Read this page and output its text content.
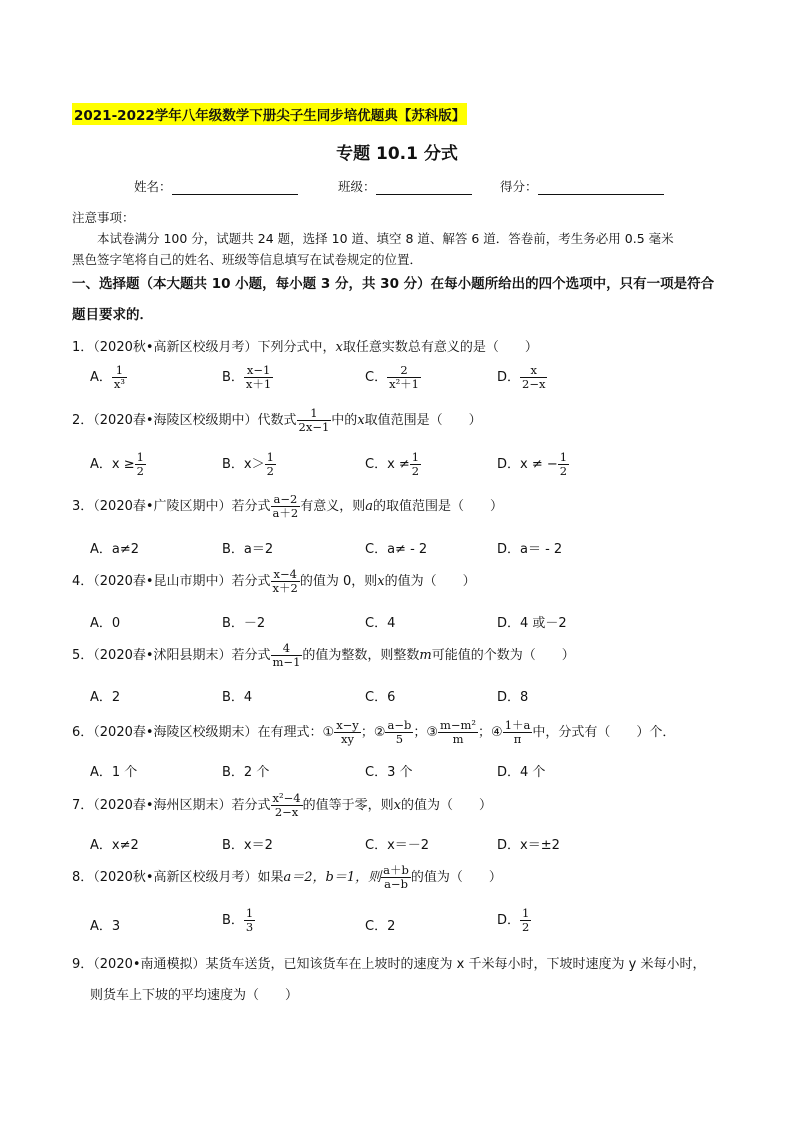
2021-2022学年八年级数学下册尖子生同步培优题典【苏科版】
专题 10.1 分式
姓名：	班级：	得分：
注意事项：
本试卷满分 100 分，试题共 24 题，选择 10 道、填空 8 道、解答 6 道．答卷前，考生务必用 0.5 毫米
黑色签字笔将自己的姓名、班级等信息填写在试卷规定的位置．
一、选择题（本大题共 10 小题，每小题 3 分，共 30 分）在每小题所给出的四个选项中，只有一项是符合
题目要求的．
1．（2020秋•高新区校级月考）下列分式中，x取任意实数总有意义的是（　　）
A． $\frac{1}{\text{x³}}$	B． $\frac{x-1}{x+1}$	C． $\frac{2}{\text{x²＋1}}$	D． $\frac{x}{2-x}$
2．（2020春•海陵区校级期中）代数式 $\frac{1}{2x-1}$ 中的x取值范围是（　　）
A．$x \ge \frac{1}{2}$	B．$x> \frac{1}{2}$	C．$x \ne \frac{1}{2}$	D．x ≠ − $\frac{1}{2}$
3．（2020春•广陵区期中）若分式 $\frac{a-2}{a+2}$ 有意义，则a的取值范围是（　　）
A．a≠2	B．a＝2	C．a≠ - 2	D．a＝ - 2
4．（2020春•昆山市期中）若分式 $\frac{x-4}{x+2}$ 的值为 0，则x的值为（　　）
A．0	B．－2	C．4	D．4 或－2
5．（2020春•沭阳县期末）若分式 $\frac{4}{m-1}$ 的值为整数，则整数m可能值的个数为（　　）
A．2	B．4	C．6	D．8
6．（2020春•海陵区校级期末）在有理式：① $\frac{x-y}{xy}$ ；② $\frac{a-b}{5}$ ；③ $\frac{\text{m−m²}}{m}$ ；④ $\frac{1+a}{\pi}$ 中，分式有（　　）个．
A．1 个	B．2 个	C．3 个	D．4 个
7．（2020春•海州区期末）若分式 $\frac{\text{x²−4}}{2-x}$ 的值等于零，则x的值为（　　）
A．x≠2	B．x＝2	C．x＝－2	D．x＝±2
8．（2020秋•高新区校级月考）如果a＝2，b＝1，则 $\frac{a+b}{a-b}$ 的值为（　　）
A．3	B． $\frac{1}{3}$	C．2	D． $\frac{1}{2}$
9．（2020•南通模拟）某货车送货，已知该货车在上坡时的速度为 x 千米每小时，下坡时速度为 y 米每小时，
则货车上下坡的平均速度为（　　）
